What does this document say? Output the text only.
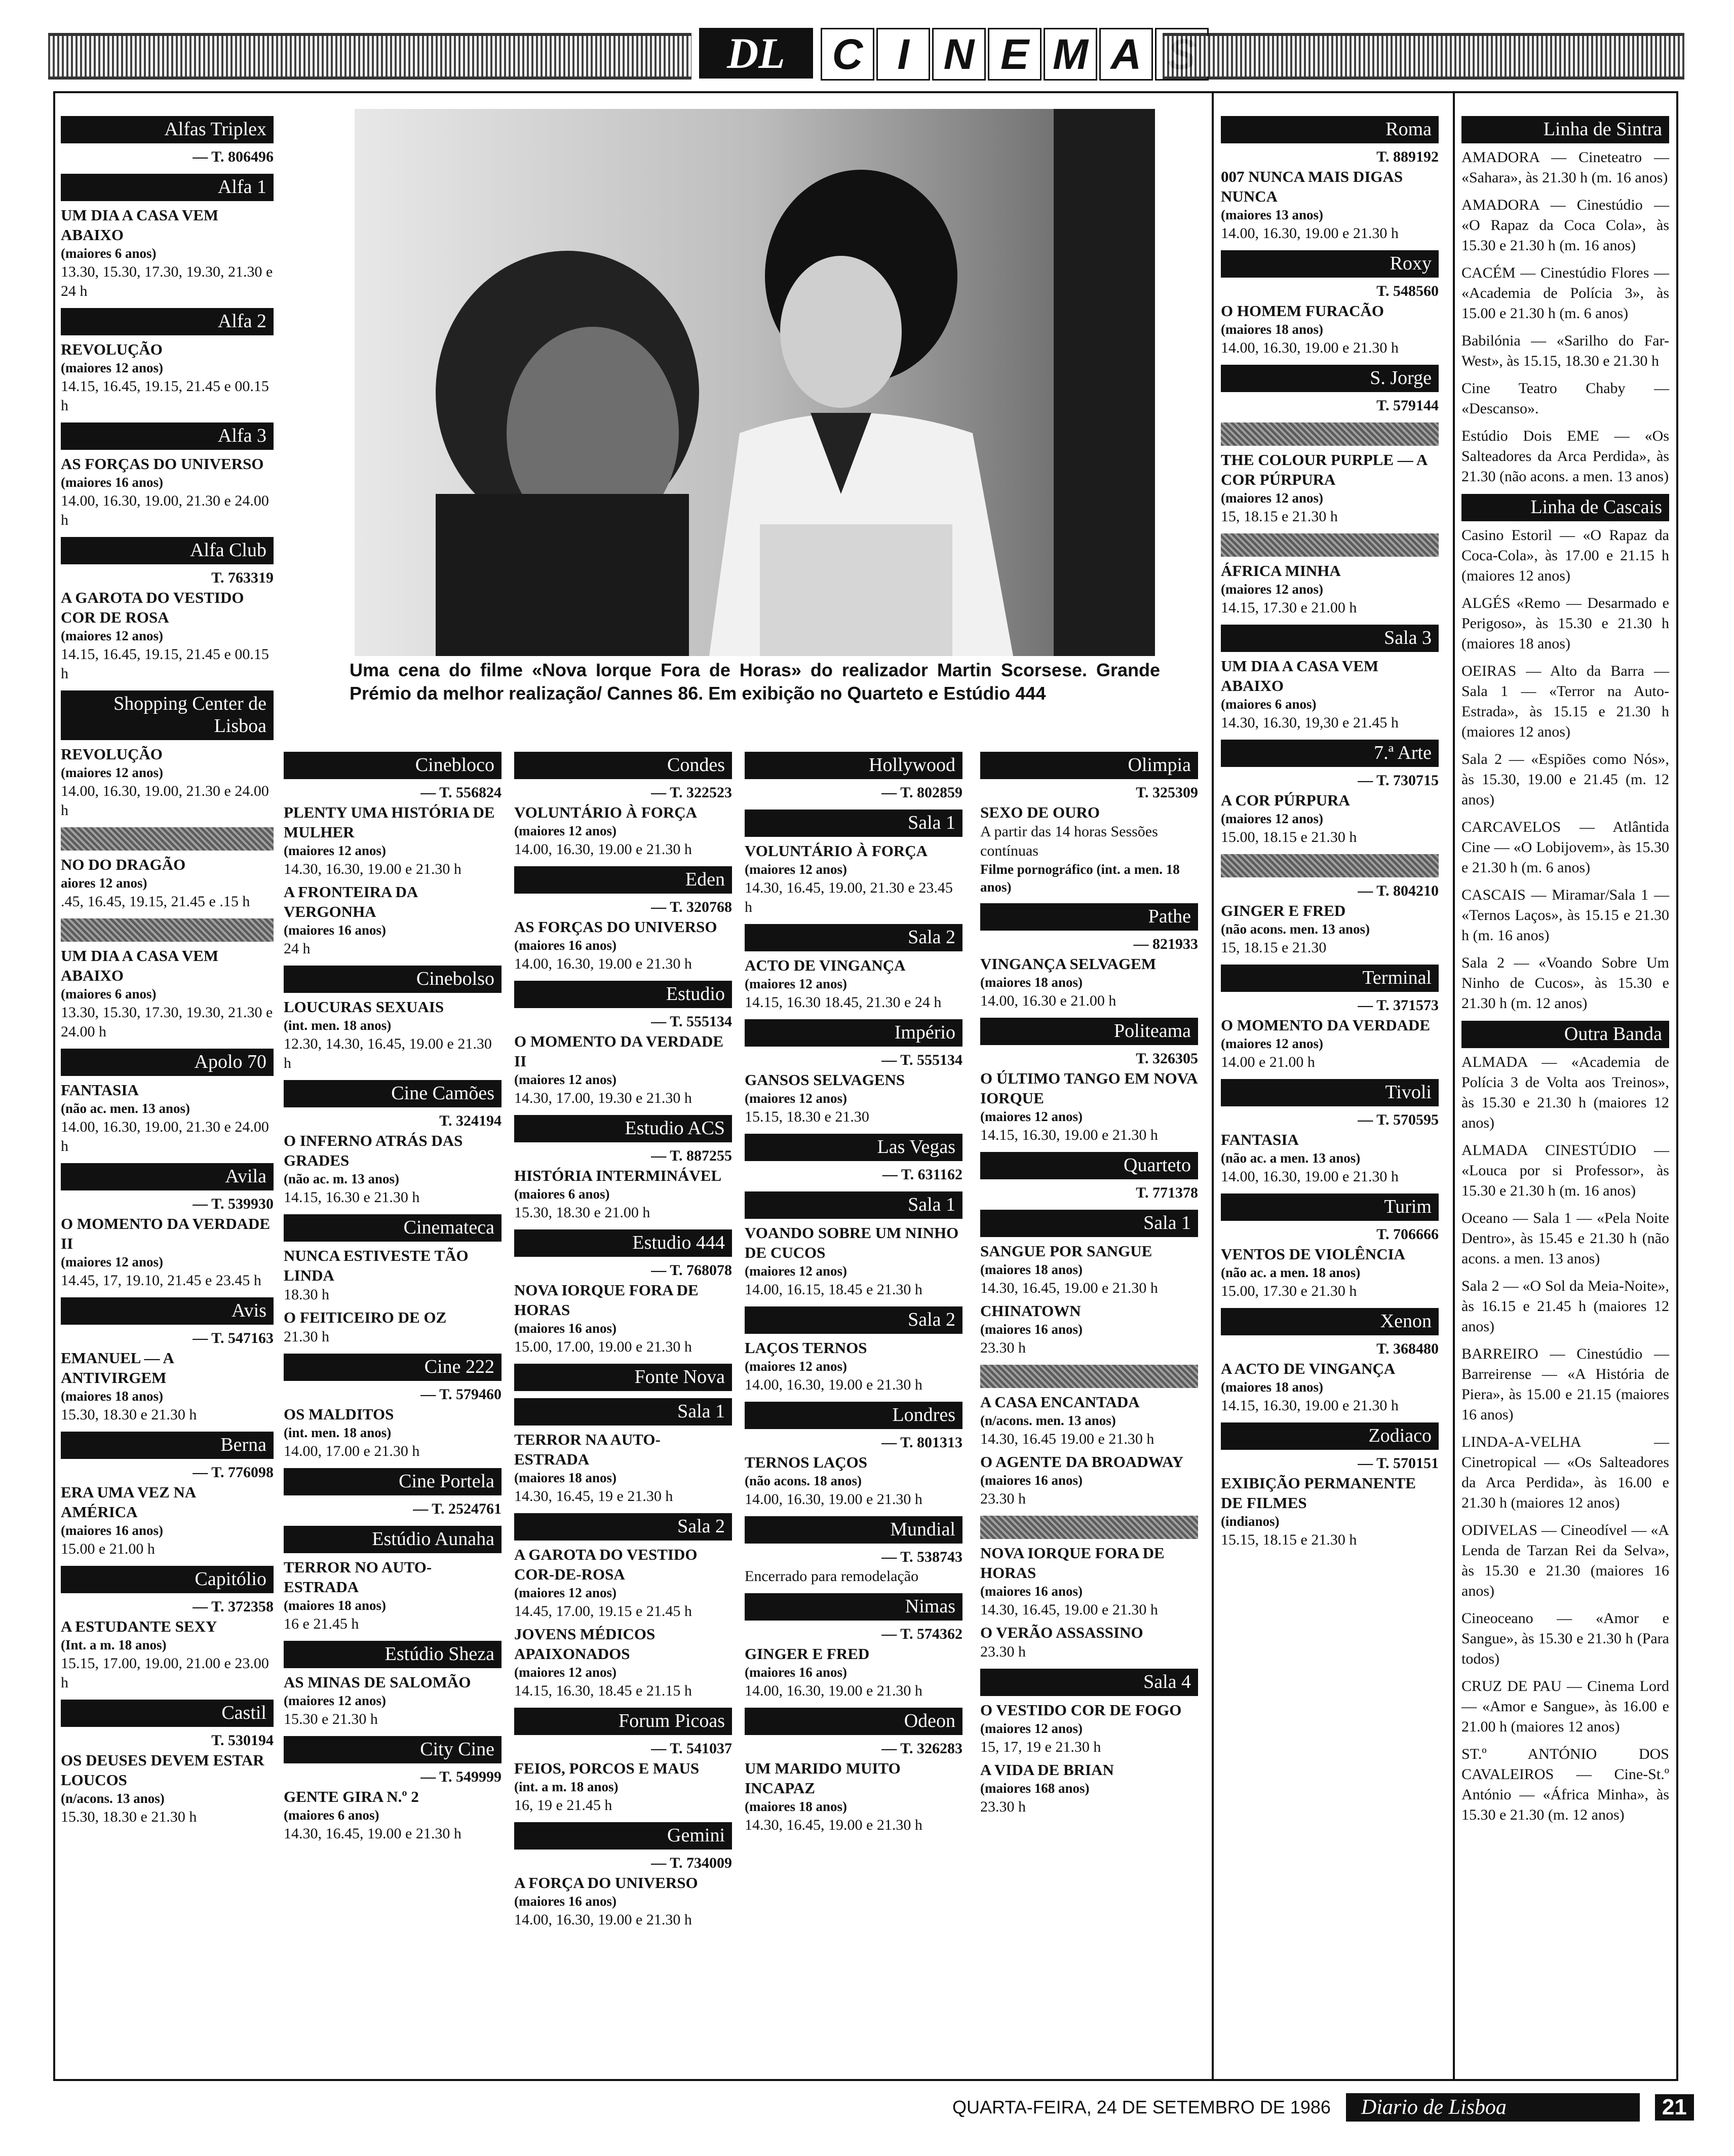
DL	C I N E M A
Uma cena do filme «Nova Iorque Fora de Horas» do realizador Martin Scorsese. Grande Prémio da melhor realização/ Cannes 86. Em exibição no Quarteto e Estúdio 444
Alfas Triplex
— T. 806496
Alfa 1
UM DIA A CASA VEM ABAIXO
(maiores 6 anos)
13.30, 15.30, 17.30, 19.30, 21.30 e 24 h
Alfa 2
REVOLUÇÃO
(maiores 12 anos)
14.15, 16.45, 19.15, 21.45 e 00.15 h
Alfa 3
AS FORÇAS DO UNIVERSO
(maiores 16 anos)
14.00, 16.30, 19.00, 21.30 e 24.00 h
Alfa Club
T. 763319
A GAROTA DO VESTIDO COR DE ROSA
(maiores 12 anos)
14.15, 16.45, 19.15, 21.45 e 00.15 h
Shopping Center de Lisboa
REVOLUÇÃO
(maiores 12 anos)
14.00, 16.30, 19.00, 21.30 e 24.00 h
NO DO DRAGÃO
aiores 12 anos)
.45, 16.45, 19.15, 21.45 e .15 h
UM DIA A CASA VEM ABAIXO
(maiores 6 anos)
13.30, 15.30, 17.30, 19.30, 21.30 e 24.00 h
Apolo 70
FANTASIA
(não ac. men. 13 anos)
14.00, 16.30, 19.00, 21.30 e 24.00 h
Avila
— T. 539930
O MOMENTO DA VERDADE II
(maiores 12 anos)
14.45, 17, 19.10, 21.45 e 23.45 h
Avis
— T. 547163
EMANUEL — A ANTIVIRGEM
(maiores 18 anos)
15.30, 18.30 e 21.30 h
Berna
— T. 776098
ERA UMA VEZ NA AMÉRICA
(maiores 16 anos)
15.00 e 21.00 h
Capitólio
— T. 372358
A ESTUDANTE SEXY
(Int. a m. 18 anos)
15.15, 17.00, 19.00, 21.00 e 23.00 h
Castil
T. 530194
OS DEUSES DEVEM ESTAR LOUCOS
(n/acons. 13 anos)
15.30, 18.30 e 21.30 h
Cinebloco
— T. 556824
PLENTY UMA HISTÓRIA DE MULHER
(maiores 12 anos)
14.30, 16.30, 19.00 e 21.30 h
A FRONTEIRA DA VERGONHA
(maiores 16 anos)
24 h
Cinebolso
LOUCURAS SEXUAIS
(int. men. 18 anos)
12.30, 14.30, 16.45, 19.00 e 21.30 h
Cine Camões
T. 324194
O INFERNO ATRÁS DAS GRADES
(não ac. m. 13 anos)
14.15, 16.30 e 21.30 h
Cinemateca
NUNCA ESTIVESTE TÃO LINDA
18.30 h
O FEITICEIRO DE OZ
21.30 h
Cine 222
— T. 579460
OS MALDITOS
(int. men. 18 anos)
14.00, 17.00 e 21.30 h
Cine Portela
— T. 2524761
Estúdio Aunaha
TERROR NO AUTO-ESTRADA
(maiores 18 anos)
16 e 21.45 h
Estúdio Sheza
AS MINAS DE SALOMÃO
(maiores 12 anos)
15.30 e 21.30 h
City Cine
— T. 549999
GENTE GIRA N.º 2
(maiores 6 anos)
14.30, 16.45, 19.00 e 21.30 h
Condes
— T. 322523
VOLUNTÁRIO À FORÇA
(maiores 12 anos)
14.00, 16.30, 19.00 e 21.30 h
Eden
— T. 320768
AS FORÇAS DO UNIVERSO
(maiores 16 anos)
14.00, 16.30, 19.00 e 21.30 h
Estudio
— T. 555134
O MOMENTO DA VERDADE II
(maiores 12 anos)
14.30, 17.00, 19.30 e 21.30 h
Estudio ACS
— T. 887255
HISTÓRIA INTERMINÁVEL
(maiores 6 anos)
15.30, 18.30 e 21.00 h
Estudio 444
— T. 768078
NOVA IORQUE FORA DE HORAS
(maiores 16 anos)
15.00, 17.00, 19.00 e 21.30 h
Fonte Nova
Sala 1
TERROR NA AUTO-ESTRADA
(maiores 18 anos)
14.30, 16.45, 19 e 21.30 h
Sala 2
A GAROTA DO VESTIDO COR-DE-ROSA
(maiores 12 anos)
14.45, 17.00, 19.15 e 21.45 h
JOVENS MÉDICOS APAIXONADOS
(maiores 12 anos)
14.15, 16.30, 18.45 e 21.15 h
Forum Picoas
— T. 541037
FEIOS, PORCOS E MAUS
(int. a m. 18 anos)
16, 19 e 21.45 h
Gemini
— T. 734009
A FORÇA DO UNIVERSO
(maiores 16 anos)
14.00, 16.30, 19.00 e 21.30 h
Hollywood
— T. 802859
Sala 1
VOLUNTÁRIO À FORÇA
(maiores 12 anos)
14.30, 16.45, 19.00, 21.30 e 23.45 h
Sala 2
ACTO DE VINGANÇA
(maiores 12 anos)
14.15, 16.30 18.45, 21.30 e 24 h
Império
— T. 555134
GANSOS SELVAGENS
(maiores 12 anos)
15.15, 18.30 e 21.30
Las Vegas
— T. 631162
Sala 1
VOANDO SOBRE UM NINHO DE CUCOS
(maiores 12 anos)
14.00, 16.15, 18.45 e 21.30 h
Sala 2
LAÇOS TERNOS
(maiores 12 anos)
14.00, 16.30, 19.00 e 21.30 h
Londres
— T. 801313
TERNOS LAÇOS
(não acons. 18 anos)
14.00, 16.30, 19.00 e 21.30 h
Mundial
— T. 538743
Encerrado para remodelação
Nimas
— T. 574362
GINGER E FRED
(maiores 16 anos)
14.00, 16.30, 19.00 e 21.30 h
Odeon
— T. 326283
UM MARIDO MUITO INCAPAZ
(maiores 18 anos)
14.30, 16.45, 19.00 e 21.30 h
Olimpia
T. 325309
SEXO DE OURO
A partir das 14 horas Sessões contínuas
Filme pornográfico (int. a men. 18 anos)
Pathe
— 821933
VINGANÇA SELVAGEM
(maiores 18 anos)
14.00, 16.30 e 21.00 h
Politeama
T. 326305
O ÚLTIMO TANGO EM NOVA IORQUE
(maiores 12 anos)
14.15, 16.30, 19.00 e 21.30 h
Quarteto
T. 771378
Sala 1
SANGUE POR SANGUE
(maiores 18 anos)
14.30, 16.45, 19.00 e 21.30 h
CHINATOWN
(maiores 16 anos)
23.30 h
A CASA ENCANTADA
(n/acons. men. 13 anos)
14.30, 16.45 19.00 e 21.30 h
O AGENTE DA BROADWAY
(maiores 16 anos)
23.30 h
NOVA IORQUE FORA DE HORAS
(maiores 16 anos)
14.30, 16.45, 19.00 e 21.30 h
O VERÃO ASSASSINO
23.30 h
Sala 4
O VESTIDO COR DE FOGO
(maiores 12 anos)
15, 17, 19 e 21.30 h
A VIDA DE BRIAN
(maiores 168 anos)
23.30 h
Roma
T. 889192
007 NUNCA MAIS DIGAS NUNCA
(maiores 13 anos)
14.00, 16.30, 19.00 e 21.30 h
Roxy
T. 548560
O HOMEM FURACÃO
(maiores 18 anos)
14.00, 16.30, 19.00 e 21.30 h
S. Jorge
T. 579144
THE COLOUR PURPLE — A COR PÚRPURA
(maiores 12 anos)
15, 18.15 e 21.30 h
ÁFRICA MINHA
(maiores 12 anos)
14.15, 17.30 e 21.00 h
Sala 3
UM DIA A CASA VEM ABAIXO
(maiores 6 anos)
14.30, 16.30, 19,30 e 21.45 h
7.ª Arte
— T. 730715
A COR PÚRPURA
(maiores 12 anos)
15.00, 18.15 e 21.30 h
— T. 804210
GINGER E FRED
(não acons. men. 13 anos)
15, 18.15 e 21.30
Terminal
— T. 371573
O MOMENTO DA VERDADE
(maiores 12 anos)
14.00 e 21.00 h
Tivoli
— T. 570595
FANTASIA
(não ac. a men. 13 anos)
14.00, 16.30, 19.00 e 21.30 h
Turim
T. 706666
VENTOS DE VIOLÊNCIA
(não ac. a men. 18 anos)
15.00, 17.30 e 21.30 h
Xenon
T. 368480
A ACTO DE VINGANÇA
(maiores 18 anos)
14.15, 16.30, 19.00 e 21.30 h
Zodiaco
— T. 570151
EXIBIÇÃO PERMANENTE DE FILMES
(indianos)
15.15, 18.15 e 21.30 h
Linha de Sintra
AMADORA — Cineteatro — «Sahara», às 21.30 h (m. 16 anos)
AMADORA — Cinestúdio — «O Rapaz da Coca Cola», às 15.30 e 21.30 h (m. 16 anos)
CACÉM — Cinestúdio Flores — «Academia de Polícia 3», às 15.00 e 21.30 h (m. 6 anos)
Babilónia — «Sarilho do Far-West», às 15.15, 18.30 e 21.30 h
Cine Teatro Chaby — «Descanso».
Estúdio Dois EME — «Os Salteadores da Arca Perdida», às 21.30 (não acons. a men. 13 anos)
Linha de Cascais
Casino Estoril — «O Rapaz da Coca-Cola», às 17.00 e 21.15 h (maiores 12 anos)
ALGÉS «Remo — Desarmado e Perigoso», às 15.30 e 21.30 h (maiores 18 anos)
OEIRAS — Alto da Barra — Sala 1 — «Terror na Auto-Estrada», às 15.15 e 21.30 h (maiores 12 anos)
Sala 2 — «Espiões como Nós», às 15.30, 19.00 e 21.45 (m. 12 anos)
CARCAVELOS — Atlântida Cine — «O Lobijovem», às 15.30 e 21.30 h (m. 6 anos)
CASCAIS — Miramar/Sala 1 — «Ternos Laços», às 15.15 e 21.30 h (m. 16 anos)
Sala 2 — «Voando Sobre Um Ninho de Cucos», às 15.30 e 21.30 h (m. 12 anos)
Outra Banda
ALMADA — «Academia de Polícia 3 de Volta aos Treinos», às 15.30 e 21.30 h (maiores 12 anos)
ALMADA CINESTÚDIO — «Louca por si Professor», às 15.30 e 21.30 h (m. 16 anos)
Oceano — Sala 1 — «Pela Noite Dentro», às 15.45 e 21.30 h (não acons. a men. 13 anos)
Sala 2 — «O Sol da Meia-Noite», às 16.15 e 21.45 h (maiores 12 anos)
BARREIRO — Cinestúdio — Barreirense — «A História de Piera», às 15.00 e 21.15 (maiores 16 anos)
LINDA-A-VELHA — Cinetropical — «Os Salteadores da Arca Perdida», às 16.00 e 21.30 h (maiores 12 anos)
ODIVELAS — Cineodível — «A Lenda de Tarzan Rei da Selva», às 15.30 e 21.30 (maiores 16 anos)
Cineoceano — «Amor e Sangue», às 15.30 e 21.30 h (Para todos)
CRUZ DE PAU — Cinema Lord — «Amor e Sangue», às 16.00 e 21.00 h (maiores 12 anos)
ST.º ANTÓNIO DOS CAVALEIROS — Cine-St.º António — «África Minha», às 15.30 e 21.30 (m. 12 anos)
QUARTA-FEIRA, 24 DE SETEMBRO DE 1986	Diario de Lisboa	21
